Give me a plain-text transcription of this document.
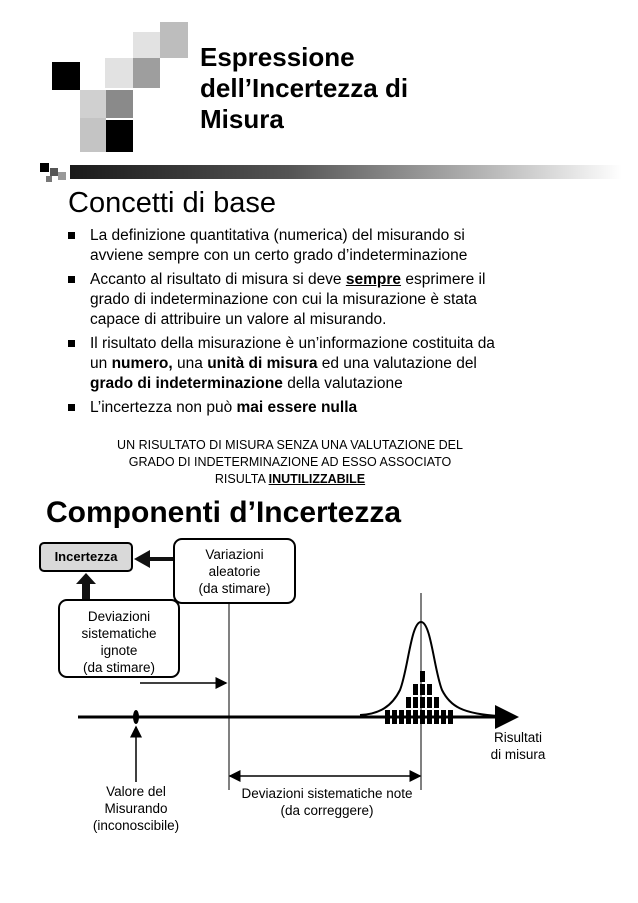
Espressione
dell’Incertezza di
Misura
Concetti di base
La definizione quantitativa (numerica) del misurando si avviene sempre con un certo grado d’indeterminazione
Accanto al risultato di misura si deve sempre esprimere il grado di indeterminazione con cui la misurazione è stata capace di attribuire un valore al misurando.
Il risultato della misurazione è un’informazione costituita da un numero, una unità di misura ed una valutazione del grado di indeterminazione della valutazione
L’incertezza non può mai essere nulla
UN RISULTATO DI MISURA SENZA UNA VALUTAZIONE DEL
GRADO DI INDETERMINAZIONE AD ESSO ASSOCIATO
RISULTA INUTILIZZABILE
Componenti d’Incertezza
Incertezza	Variazioni
aleatorie
(da stimare)
Deviazioni
sistematiche
ignote
(da stimare)
Risultati
di misura
Valore del
Misurando
(inconoscibile)
Deviazioni sistematiche note
(da correggere)
